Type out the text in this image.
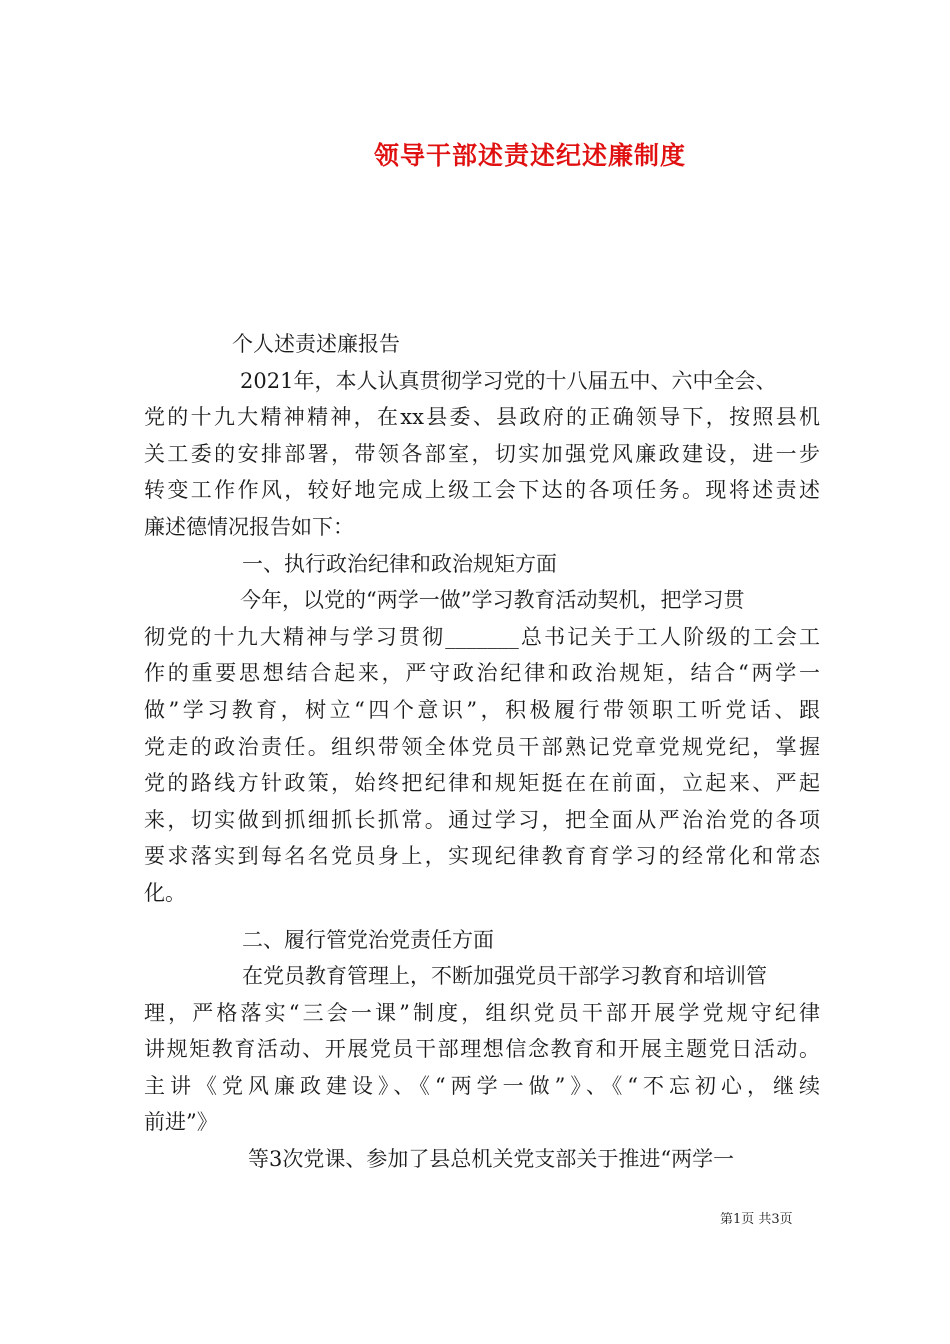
领导干部述责述纪述廉制度
个人述责述廉报告
2021年，本人认真贯彻学习党的十八届五中、六中全会、
党的十九大精神精神，在xx县委、县政府的正确领导下，按照县机
关工委的安排部署，带领各部室，切实加强党风廉政建设，进一步
转变工作作风，较好地完成上级工会下达的各项任务。现将述责述
廉述德情况报告如下：
一、执行政治纪律和政治规矩方面
今年，以党的“两学一做”学习教育活动契机，把学习贯
彻党的十九大精神与学习贯彻_______总书记关于工人阶级的工会工
作的重要思想结合起来，严守政治纪律和政治规矩，结合“两学一
做”学习教育，树立“四个意识”，积极履行带领职工听党话、跟
党走的政治责任。组织带领全体党员干部熟记党章党规党纪，掌握
党的路线方针政策，始终把纪律和规矩挺在在前面，立起来、严起
来，切实做到抓细抓长抓常。通过学习，把全面从严治治党的各项
要求落实到每名名党员身上，实现纪律教育育学习的经常化和常态
化。
二、履行管党治党责任方面
在党员教育管理上，不断加强党员干部学习教育和培训管
理，严格落实“三会一课”制度，组织党员干部开展学党规守纪律
讲规矩教育活动、开展党员干部理想信念教育和开展主题党日活动。
主讲《党风廉政建设》、《“两学一做”》、《“不忘初心，继续
前进”》
等3次党课、参加了县总机关党支部关于推进“两学一
第1页 共3页
